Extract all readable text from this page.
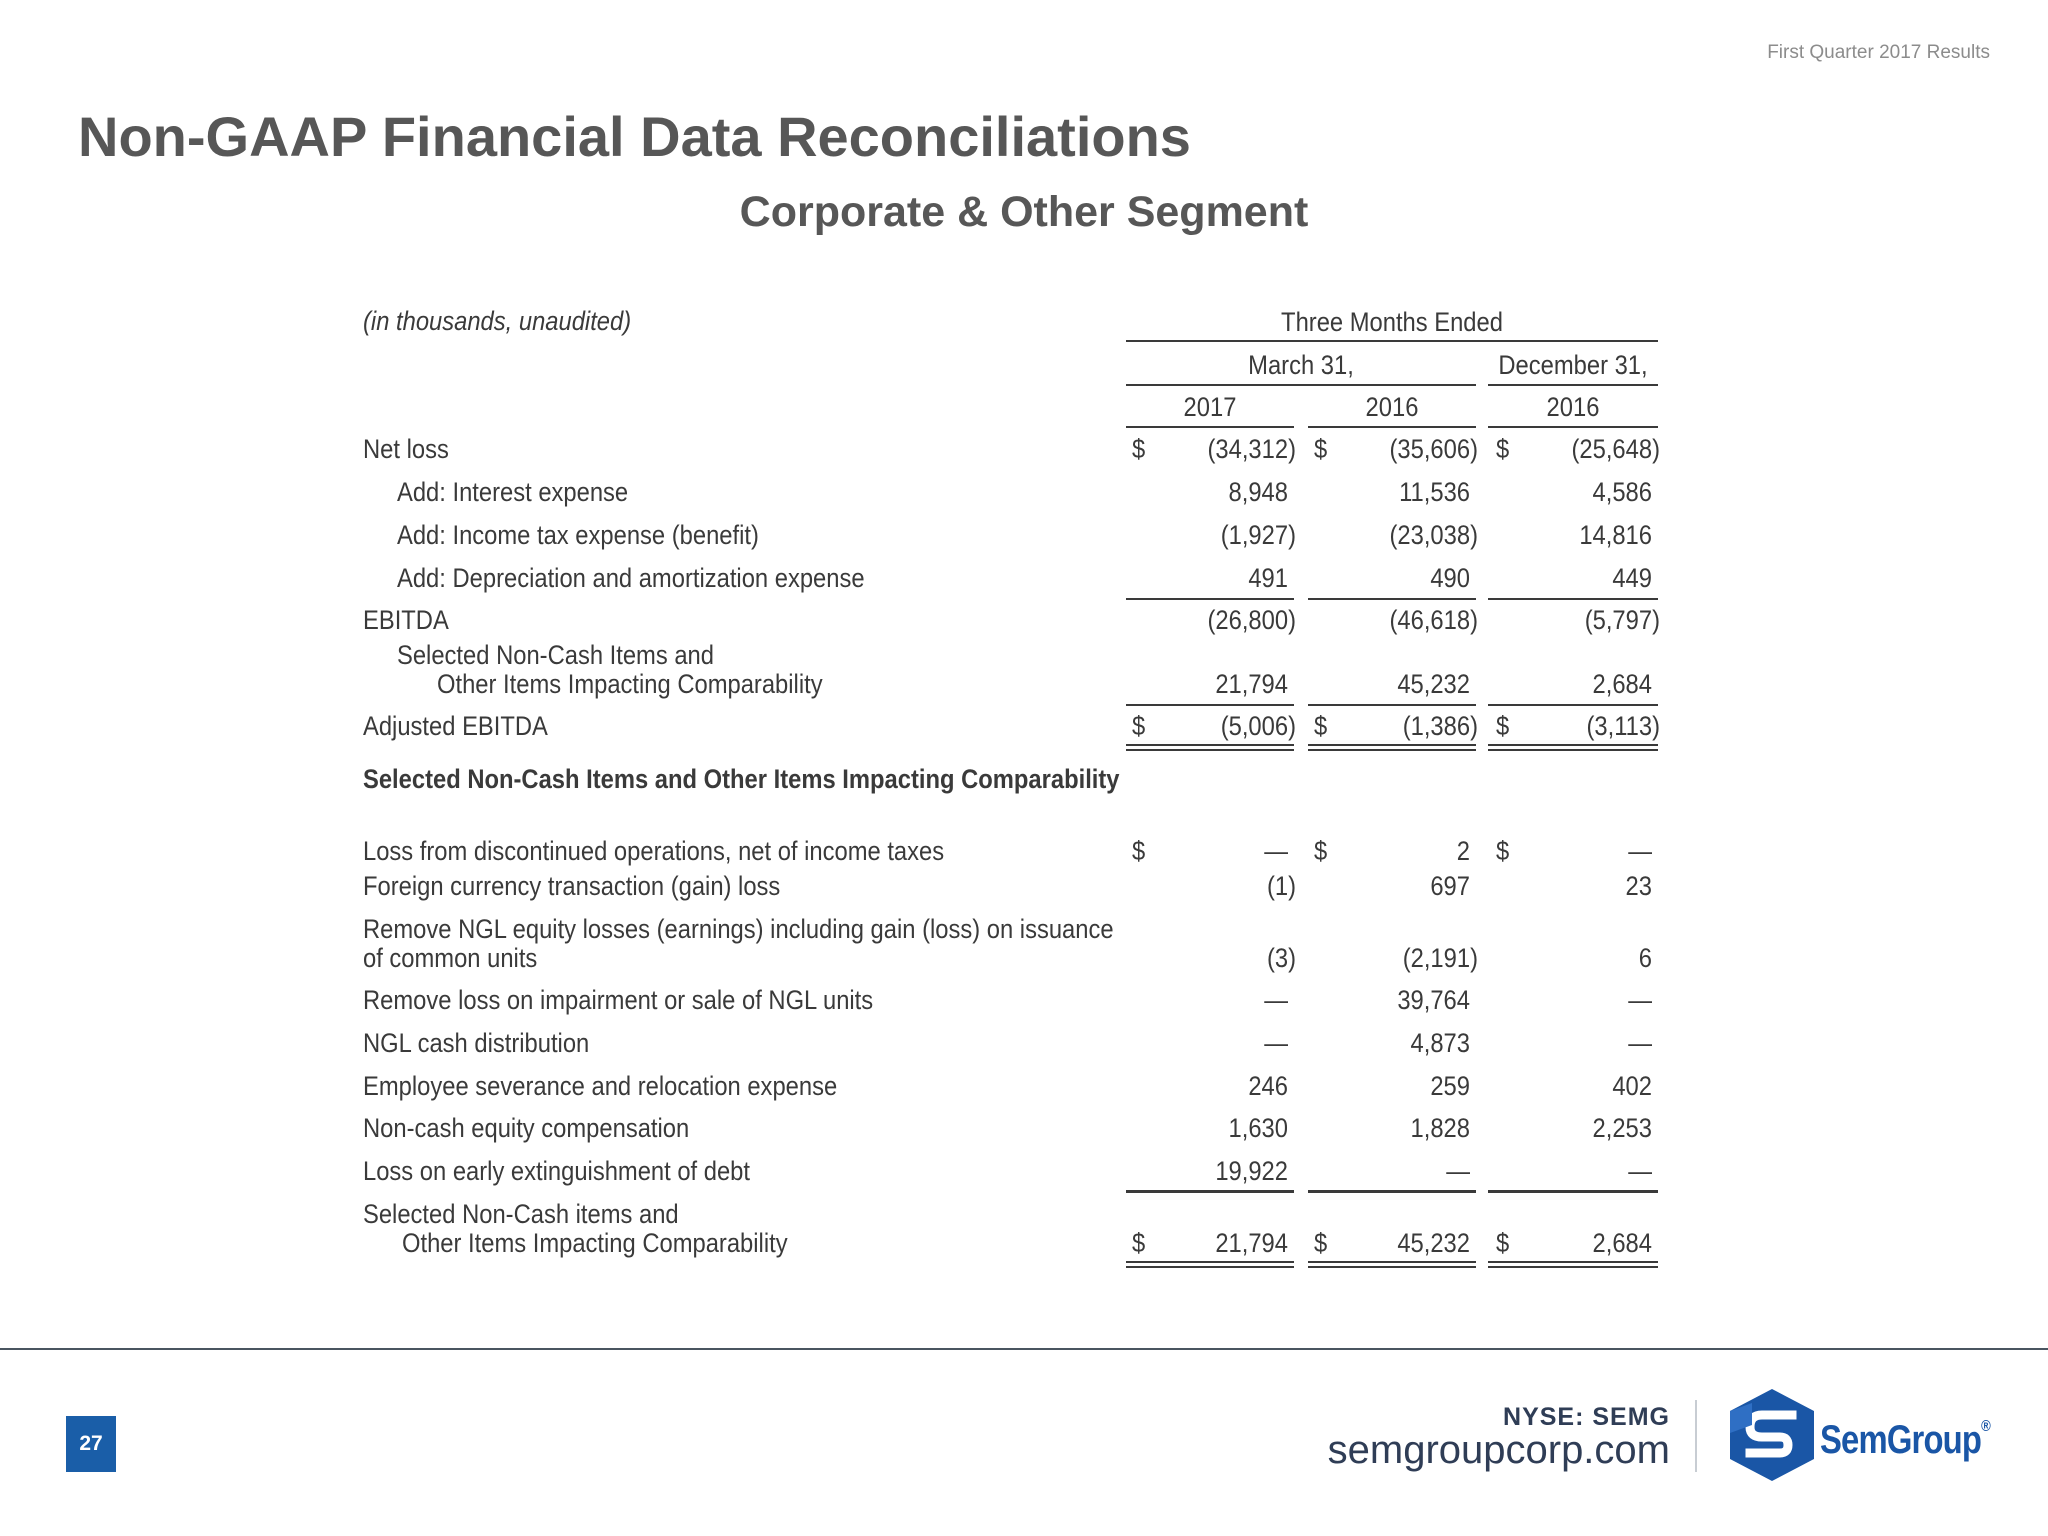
First Quarter 2017 Results
Non-GAAP Financial Data Reconciliations
Corporate & Other Segment
(in thousands, unaudited)	Three Months Ended
March 31,	December 31,
2017	2016	2016
Net loss	$	(34,312) $	(35,606) $	(25,648)
Add: Interest expense	8,948	11,536	4,586
Add: Income tax expense (benefit)	(1,927)	(23,038)	14,816
Add: Depreciation and amortization expense	491	490	449
EBITDA	(26,800)	(46,618)	(5,797)
Selected Non-Cash Items and
Other Items Impacting Comparability	21,794	45,232	2,684
Adjusted EBITDA	$	(5,006) $	(1,386) $	(3,113)
Selected Non-Cash Items and Other Items Impacting Comparability
Loss from discontinued operations, net of income taxes	$	— $	2 $	—
Foreign currency transaction (gain) loss	(1)	697	23
Remove NGL equity losses (earnings) including gain (loss) on issuance
of common units	(3)	(2,191)	6
Remove loss on impairment or sale of NGL units	—	39,764	—
NGL cash distribution	—	4,873	—
Employee severance and relocation expense	246	259	402
Non-cash equity compensation	1,630	1,828	2,253
Loss on early extinguishment of debt	19,922	—	—
Selected Non-Cash items and
Other Items Impacting Comparability	$	21,794 $	45,232 $	2,684
27
NYSE: SEMG
semgroupcorp.com	SemGroup®
